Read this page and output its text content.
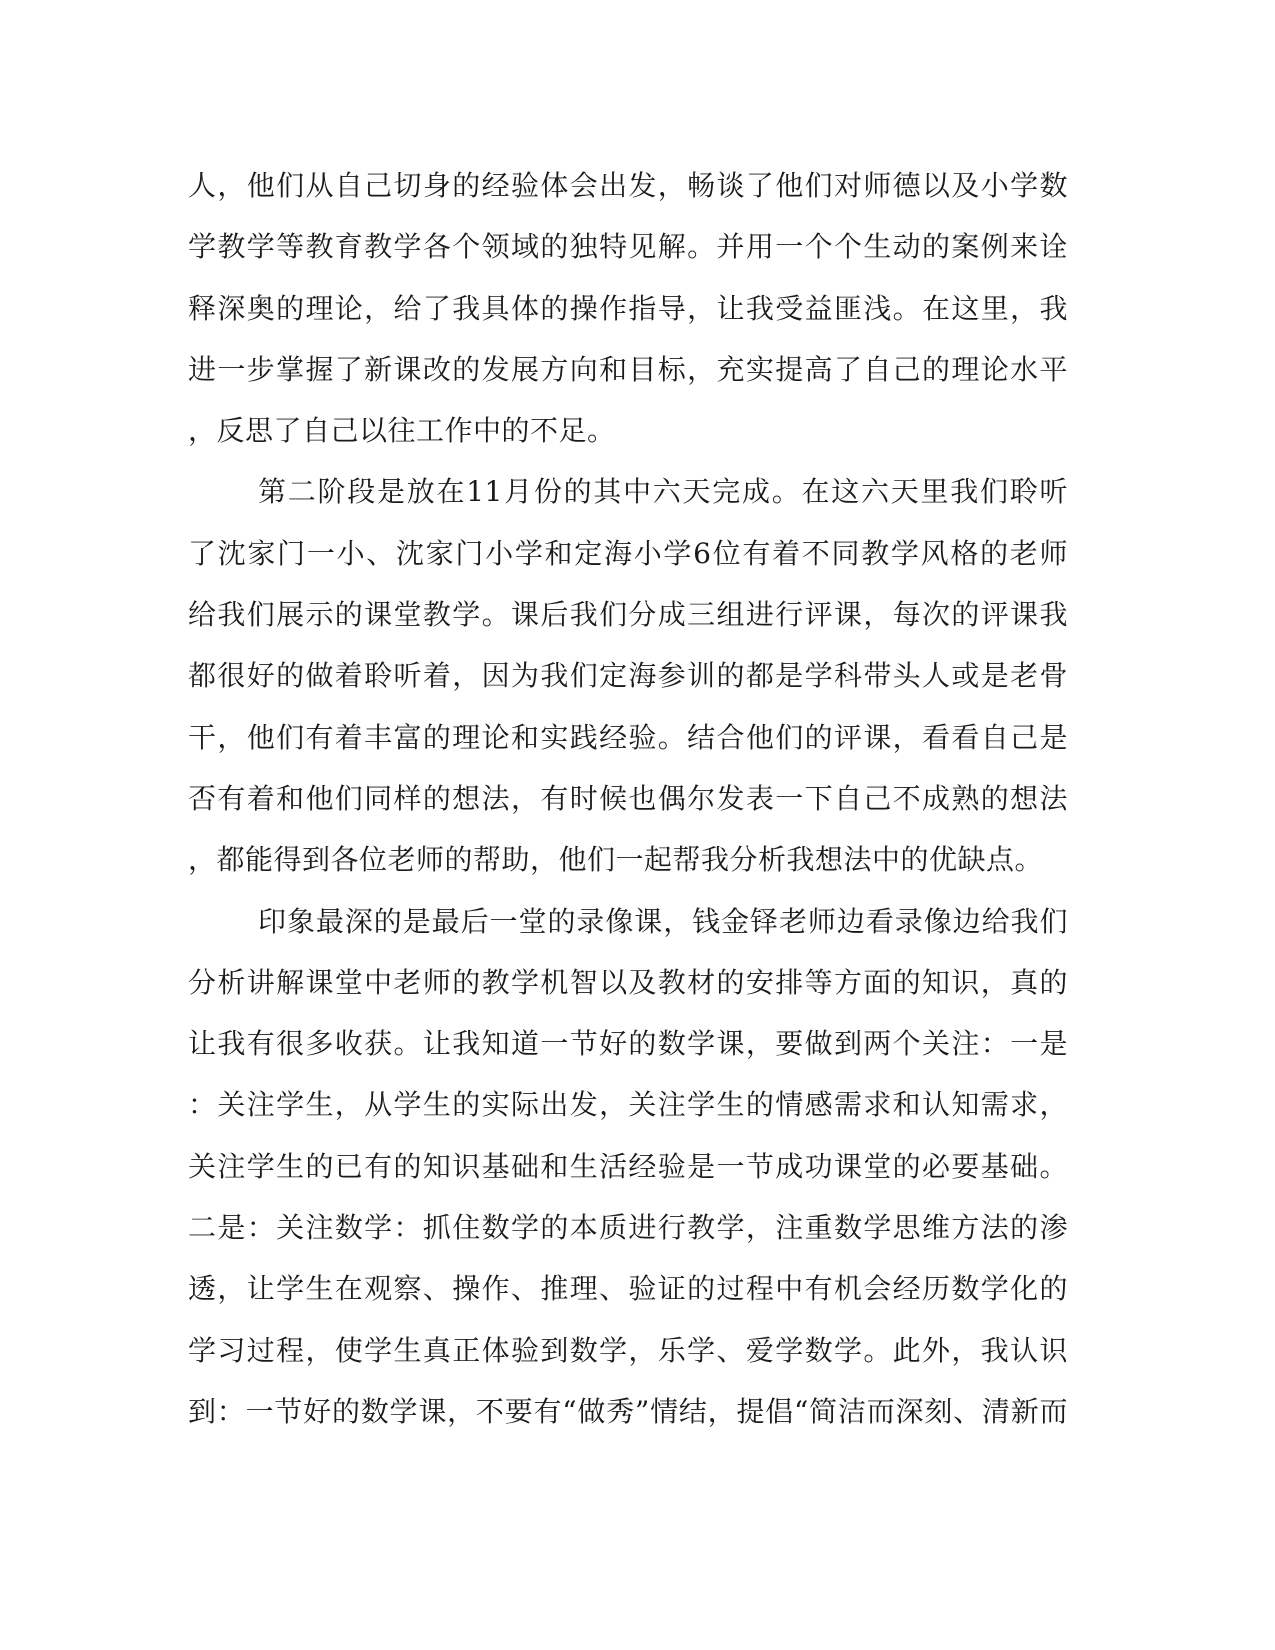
人，他们从自己切身的经验体会出发，畅谈了他们对师德以及小学数
学教学等教育教学各个领域的独特见解。并用一个个生动的案例来诠
释深奥的理论，给了我具体的操作指导，让我受益匪浅。在这里，我
进一步掌握了新课改的发展方向和目标，充实提高了自己的理论水平
，反思了自己以往工作中的不足。
第二阶段是放在11月份的其中六天完成。在这六天里我们聆听
了沈家门一小、沈家门小学和定海小学6位有着不同教学风格的老师
给我们展示的课堂教学。课后我们分成三组进行评课，每次的评课我
都很好的做着聆听着，因为我们定海参训的都是学科带头人或是老骨
干，他们有着丰富的理论和实践经验。结合他们的评课，看看自己是
否有着和他们同样的想法，有时候也偶尔发表一下自己不成熟的想法
，都能得到各位老师的帮助，他们一起帮我分析我想法中的优缺点。
印象最深的是最后一堂的录像课，钱金铎老师边看录像边给我们
分析讲解课堂中老师的教学机智以及教材的安排等方面的知识，真的
让我有很多收获。让我知道一节好的数学课，要做到两个关注：一是
：关注学生，从学生的实际出发，关注学生的情感需求和认知需求，
关注学生的已有的知识基础和生活经验是一节成功课堂的必要基础。
二是：关注数学：抓住数学的本质进行教学，注重数学思维方法的渗
透，让学生在观察、操作、推理、验证的过程中有机会经历数学化的
学习过程，使学生真正体验到数学，乐学、爱学数学。此外，我认识
到：一节好的数学课，不要有“做秀”情结，提倡“简洁而深刻、清新而
